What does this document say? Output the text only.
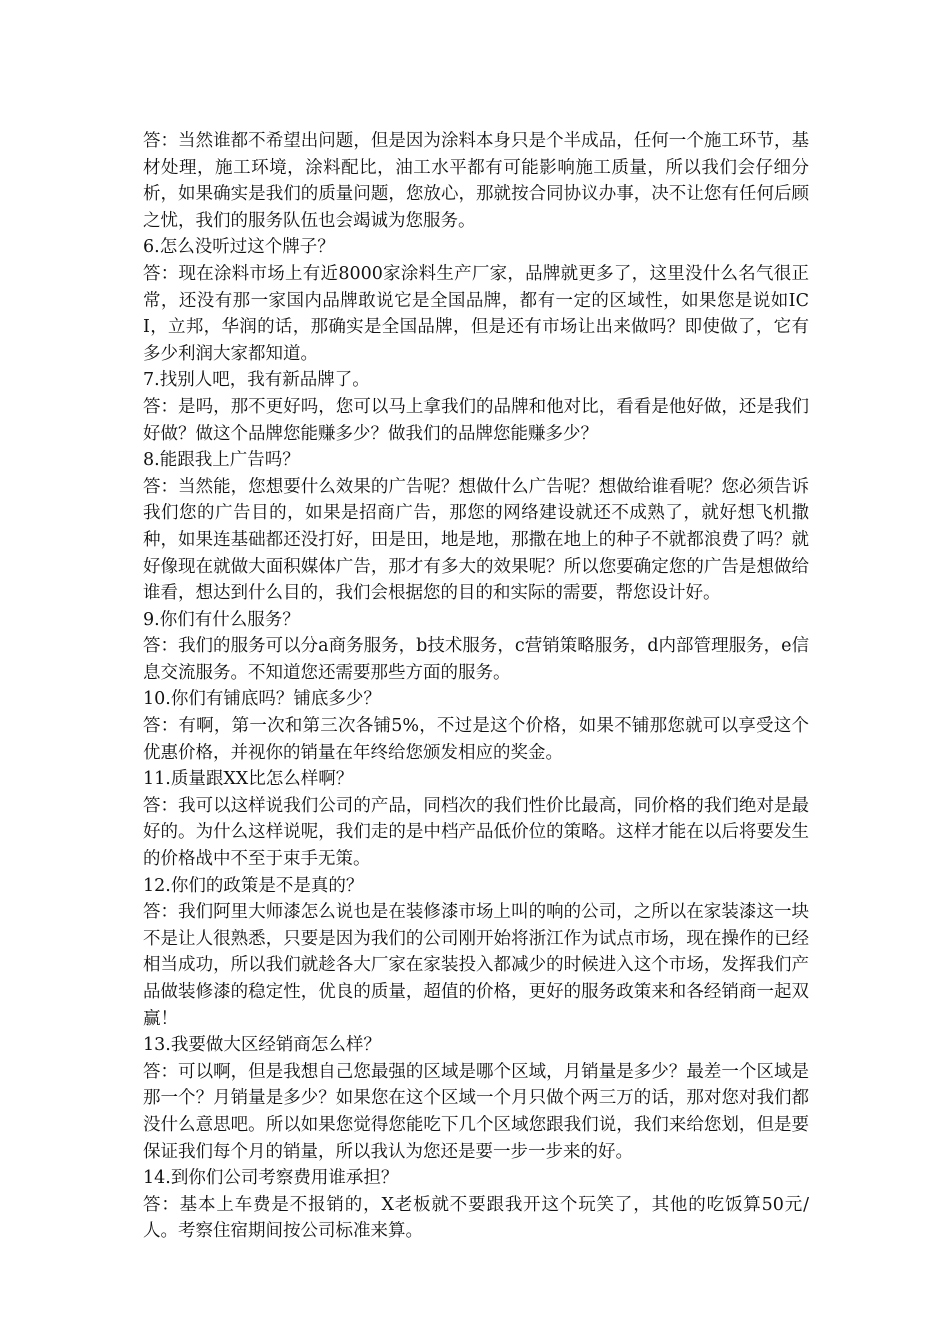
答：当然谁都不希望出问题，但是因为涂料本身只是个半成品，任何一个施工环节，基材处理，施工环境，涂料配比，油工水平都有可能影响施工质量，所以我们会仔细分析，如果确实是我们的质量问题，您放心，那就按合同协议办事，决不让您有任何后顾之忧，我们的服务队伍也会竭诚为您服务。

6.怎么没听过这个牌子？

答：现在涂料市场上有近8000家涂料生产厂家，品牌就更多了，这里没什么名气很正常，还没有那一家国内品牌敢说它是全国品牌，都有一定的区域性，如果您是说如ICI，立邦，华润的话，那确实是全国品牌，但是还有市场让出来做吗？即使做了，它有多少利润大家都知道。

7.找别人吧，我有新品牌了。

答：是吗，那不更好吗，您可以马上拿我们的品牌和他对比，看看是他好做，还是我们好做？做这个品牌您能赚多少？做我们的品牌您能赚多少？

8.能跟我上广告吗？

答：当然能，您想要什么效果的广告呢？想做什么广告呢？想做给谁看呢？您必须告诉我们您的广告目的，如果是招商广告，那您的网络建设就还不成熟了，就好想飞机撒种，如果连基础都还没打好，田是田，地是地，那撒在地上的种子不就都浪费了吗？就好像现在就做大面积媒体广告，那才有多大的效果呢？所以您要确定您的广告是想做给谁看，想达到什么目的，我们会根据您的目的和实际的需要，帮您设计好。

9.你们有什么服务？

答：我们的服务可以分a商务服务，b技术服务，c营销策略服务，d内部管理服务，e信息交流服务。不知道您还需要那些方面的服务。

10.你们有铺底吗？铺底多少？

答：有啊，第一次和第三次各铺5%，不过是这个价格，如果不铺那您就可以享受这个优惠价格，并视你的销量在年终给您颁发相应的奖金。

11.质量跟XX比怎么样啊？

答：我可以这样说我们公司的产品，同档次的我们性价比最高，同价格的我们绝对是最好的。为什么这样说呢，我们走的是中档产品低价位的策略。这样才能在以后将要发生的价格战中不至于束手无策。

12.你们的政策是不是真的？

答：我们阿里大师漆怎么说也是在装修漆市场上叫的响的公司，之所以在家装漆这一块不是让人很熟悉，只要是因为我们的公司刚开始将浙江作为试点市场，现在操作的已经相当成功，所以我们就趁各大厂家在家装投入都减少的时候进入这个市场，发挥我们产品做装修漆的稳定性，优良的质量，超值的价格，更好的服务政策来和各经销商一起双赢！

13.我要做大区经销商怎么样？

答：可以啊，但是我想自己您最强的区域是哪个区域，月销量是多少？最差一个区域是那一个？月销量是多少？如果您在这个区域一个月只做个两三万的话，那对您对我们都没什么意思吧。所以如果您觉得您能吃下几个区域您跟我们说，我们来给您划，但是要保证我们每个月的销量，所以我认为您还是要一步一步来的好。

14.到你们公司考察费用谁承担？

答：基本上车费是不报销的，X老板就不要跟我开这个玩笑了，其他的吃饭算50元/人。考察住宿期间按公司标准来算。
